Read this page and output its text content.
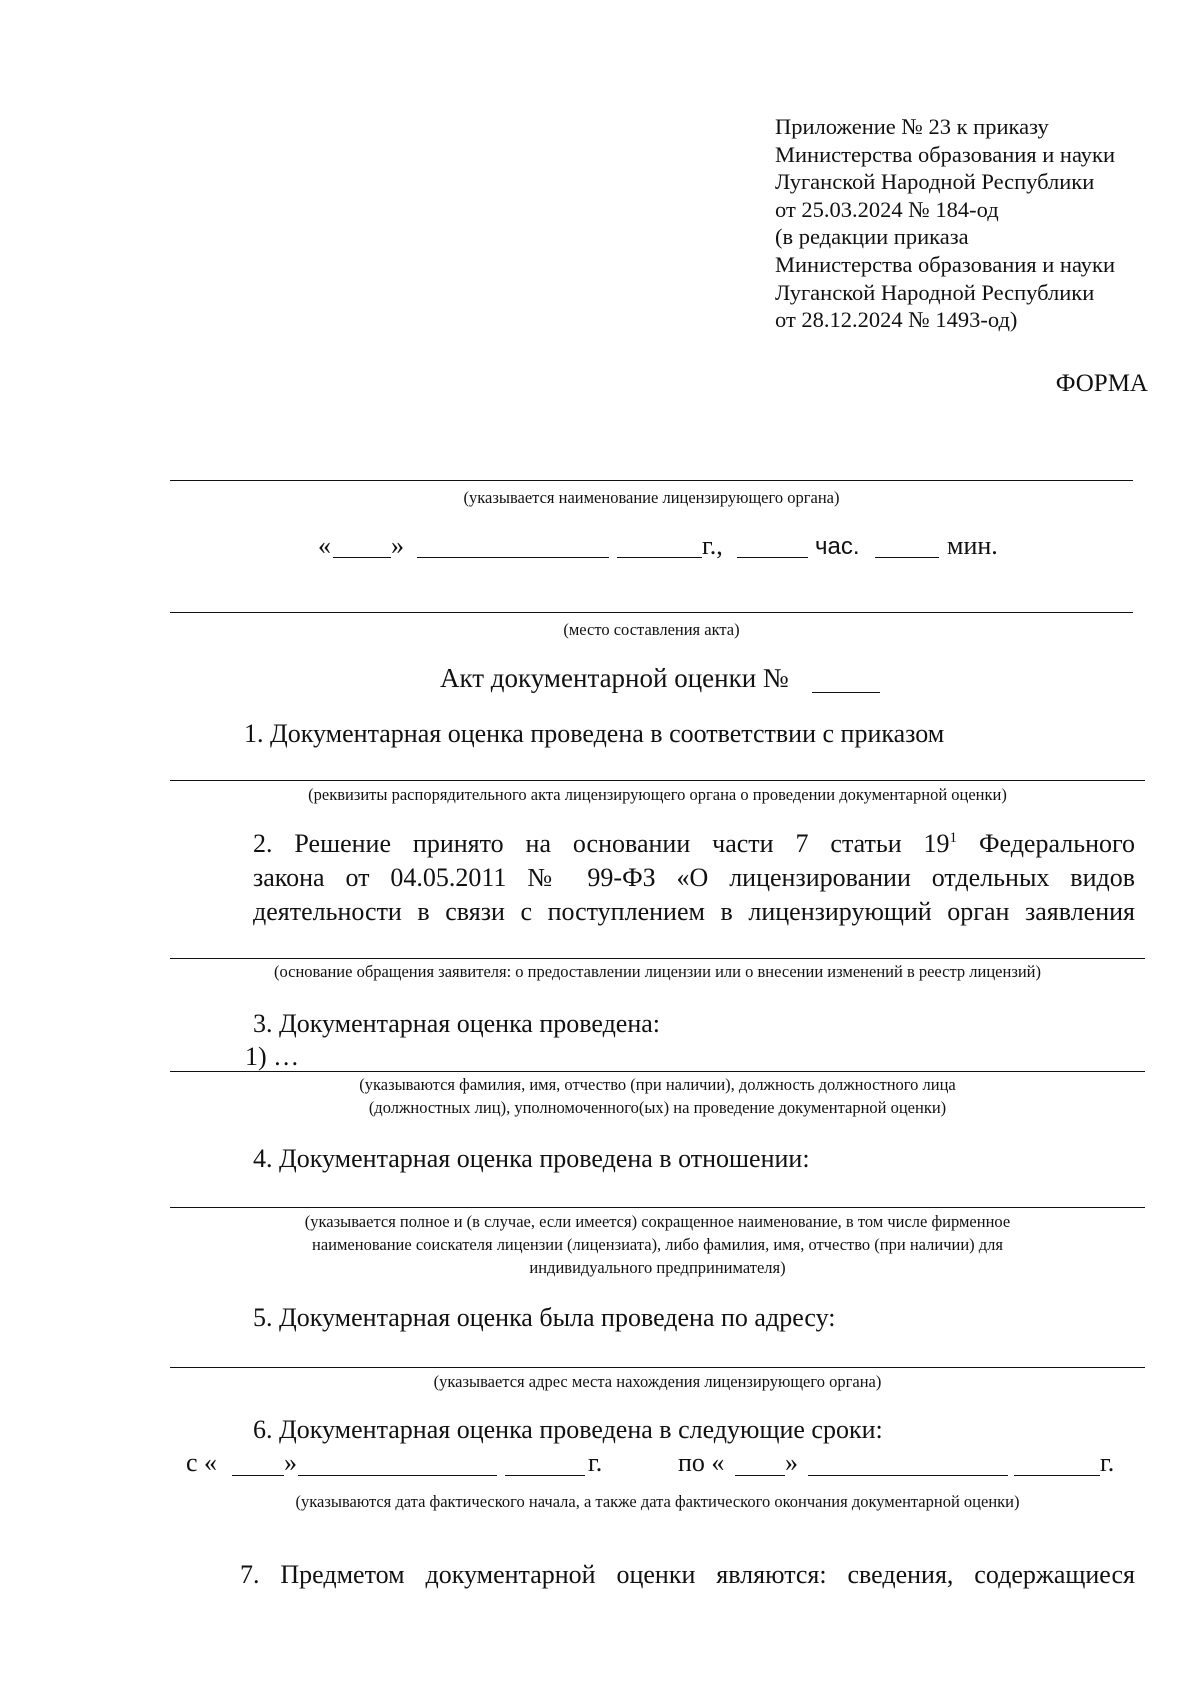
Приложение № 23 к приказу
Министерства образования и науки
Луганской Народной Республики
от 25.03.2024 № 184-од
(в редакции приказа
Министерства образования и науки
Луганской Народной Республики
от 28.12.2024 № 1493-од)
ФОРМА
(указывается наименование лицензирующего органа)
« »	г.,	час.	мин.
(место составления акта)
Акт документарной оценки №
1. Документарная оценка проведена в соответствии с приказом
(реквизиты распорядительного акта лицензирующего органа о проведении документарной оценки)
2. Решение принято на основании части 7 статьи $19^1$ Федерального
закона от 04.05.2011 № 99-ФЗ «О лицензировании отдельных видов
деятельности в связи с поступлением в лицензирующий орган заявления
(основание обращения заявителя: о предоставлении лицензии или о внесении изменений в реестр лицензий)
3. Документарная оценка проведена:
1) …
(указываются фамилия, имя, отчество (при наличии), должность должностного лица
(должностных лиц), уполномоченного(ых) на проведение документарной оценки)
4. Документарная оценка проведена в отношении:
(указывается полное и (в случае, если имеется) сокращенное наименование, в том числе фирменное
наименование соискателя лицензии (лицензиата), либо фамилия, имя, отчество (при наличии) для
индивидуального предпринимателя)
5. Документарная оценка была проведена по адресу:
(указывается адрес места нахождения лицензирующего органа)
6. Документарная оценка проведена в следующие сроки:
с «	»	г.	по « »	г.
(указываются дата фактического начала, а также дата фактического окончания документарной оценки)
7. Предметом документарной оценки являются: сведения, содержащиеся
